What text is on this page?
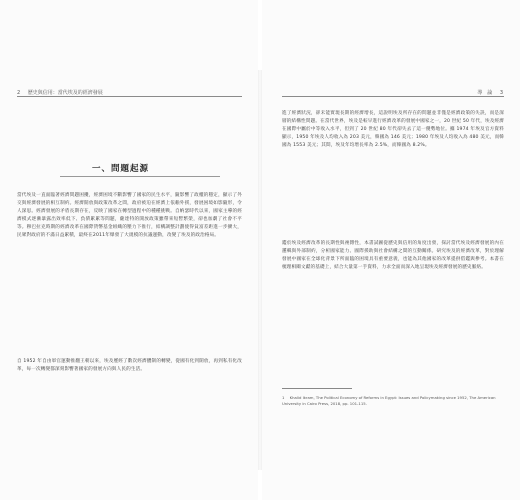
2 歷史與信用：當代埃及的經濟發展
一、問題起源
當代埃及一直面臨著經濟問題困擾，經濟困境不斷影響了國家的民生水平，隨影響了政權的穩定，顯示了外交與經濟發展的相互制約。經濟開放與政策改革之間，政府被迫在經濟上依賴外援，發展困境如影隨形，令人深思。經濟發展的矛盾長期存在，反映了國家在轉型過程中的種種挑戰。自納瑟時代以來，國家主導的經濟模式逐漸暴露出效率低下、負債累累等問題，薩達特的開放政策雖帶來短暫繁榮，卻也加劇了社會不平等。穆巴拉克時期的經濟改革在國際貨幣基金組織的壓力下推行，結構調整計劃使得貧富差距進一步擴大，民眾對政府的不滿日益累積，最終在2011年爆發了大規模的抗議運動，改變了埃及的政治格局。
自 1952 年自由軍官運動推翻王朝以來，埃及歷經了數次經濟體制的轉變，從國有化到開放，再到私有化改革，每一次轉變都深刻影響著國家的發展方向與人民的生活。
導　論 3
進了經濟狀況，卻未能實現長期的經濟增長，這說明埃及所存在的問題並非僅是經濟政策的失誤，而是深層的結構性問題。在當代世界，埃及是較早進行經濟改革的發展中國家之一，20 世紀 50 年代，埃及經濟在國際中屬於中等收入水平，但到了 20 世紀 80 年代卻失去了這一優勢地位。據 1974 年埃及官方資料顯示，1950 年埃及人均收入為 203 美元，韓國為 146 美元；1980 年埃及人均收入為 480 美元，而韓國為 1553 美元；其間，埃及年均增長率為 2.5%，而韓國為 8.2%。
鑑於埃及經濟改革的長期性與複雜性，本書試圖從歷史與信用的角度出發，探討當代埃及經濟發展的內在邏輯與外部制約，分析國家能力、國際援助與社會結構之間的互動關係。研究埃及的經濟改革，對於理解發展中國家在全球化背景下所面臨的困境具有重要意義，也能為其他國家的改革提供借鑑與參考。本書在梳理相關文獻的基礎上，結合大量第一手資料，力求全面而深入地呈現埃及經濟發展的歷史脈絡。
1 Khalid Ikram, The Political Economy of Reforms in Egypt: Issues and Policymaking since 1952, The American University in Cairo Press, 2018, pp. 101-115.
